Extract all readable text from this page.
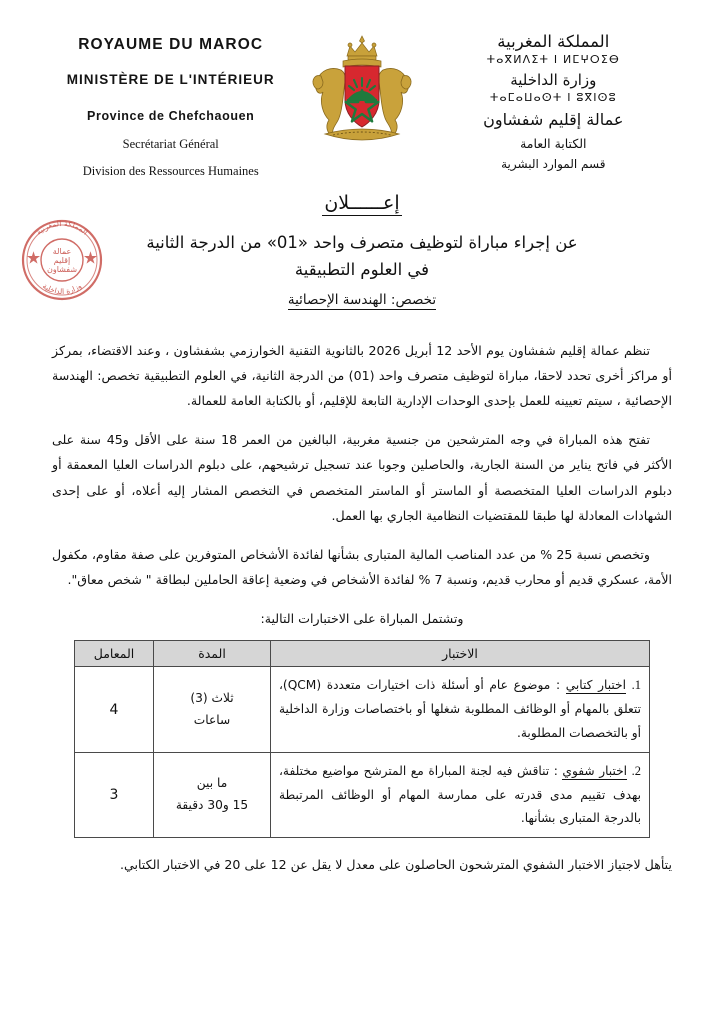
ROYAUME DU MAROC
MINISTÈRE DE L'INTÉRIEUR
Province de Chefchaouen
Secrétariat Général
Division des Ressources Humaines
المملكة المغربية
ⵜⴰⴳⵍⴷⵉⵜ ⵏ ⵍⵎⵖⵔⵉⴱ
وزارة الداخلية
ⵜⴰⵎⴰⵡⴰⵙⵜ ⵏ ⵓⴳⵏⵙⵓ
عمالة إقليم شفشاون
الكتابة العامة
قسم الموارد البشرية
المملكة المغربية
وزارة الداخلية
عمالة
إقليم
شفشاون
إعــــــلان
عن إجراء مباراة لتوظيف متصرف واحد «01» من الدرجة الثانية
في العلوم التطبيقية
تخصص: الهندسة الإحصائية

تنظم عمالة إقليم شفشاون يوم الأحد 12 أبريل 2026 بالثانوية التقنية الخوارزمي بشفشاون ، وعند الاقتضاء، بمركز أو مراكز أخرى تحدد لاحقا، مباراة لتوظيف متصرف واحد (01) من الدرجة الثانية، في العلوم التطبيقية تخصص: الهندسة الإحصائية ، سيتم تعيينه للعمل بإحدى الوحدات الإدارية التابعة للإقليم، أو بالكتابة العامة للعمالة.

تفتح هذه المباراة في وجه المترشحين من جنسية مغربية، البالغين من العمر 18 سنة على الأقل و45 سنة على الأكثر في فاتح يناير من السنة الجارية، والحاصلين وجوبا عند تسجيل ترشيحهم، على دبلوم الدراسات العليا المعمقة أو دبلوم الدراسات العليا المتخصصة أو الماستر أو الماستر المتخصص في التخصص المشار إليه أعلاه، أو على إحدى الشهادات المعادلة لها طبقا للمقتضيات النظامية الجاري بها العمل.

وتخصص نسبة 25 % من عدد المناصب المالية المتبارى بشأنها لفائدة الأشخاص المتوفرين على صفة مقاوم، مكفول الأمة، عسكري قديم أو محارب قديم، ونسبة 7 % لفائدة الأشخاص في وضعية إعاقة الحاملين لبطاقة " شخص معاق".

وتشتمل المباراة على الاختبارات التالية:

الاختبار	المدة	المعامل
1. اختبار كتابي : موضوع عام أو أسئلة ذات اختيارات متعددة (QCM)، تتعلق بالمهام أو الوظائف المطلوبة شغلها أو باختصاصات وزارة الداخلية أو بالتخصصات المطلوبة.	ثلاث (3)
ساعات	4
2. اختبار شفوي : تناقش فيه لجنة المباراة مع المترشح مواضيع مختلفة، بهدف تقييم مدى قدرته على ممارسة المهام أو الوظائف المرتبطة بالدرجة المتبارى بشأنها.	ما بين
15 و30 دقيقة	3

يتأهل لاجتياز الاختبار الشفوي المترشحون الحاصلون على معدل لا يقل عن 12 على 20 في الاختبار الكتابي.
